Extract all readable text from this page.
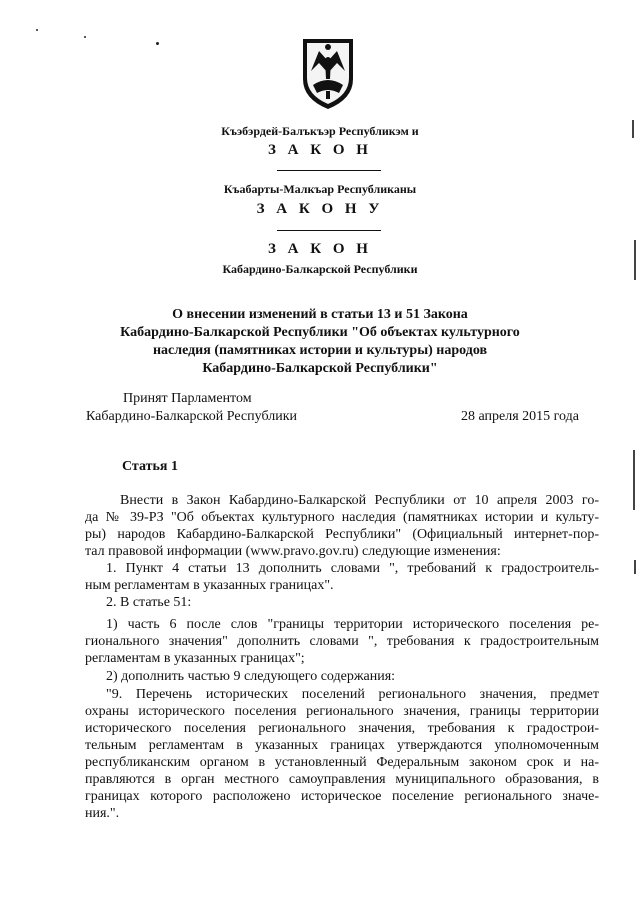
Къэбэрдей-Балъкъэр Республикэм и
З А К О Н
Къабарты-Малкъар Республиканы
З А К О Н У
З А К О Н
Кабардино-Балкарской Республики
О внесении изменений в статьи 13 и 51 Закона
Кабардино-Балкарской Республики "Об объектах культурного
наследия (памятниках истории и культуры) народов
Кабардино-Балкарской Республики"
Принят Парламентом
Кабардино-Балкарской Республики	28 апреля 2015 года
Статья 1
Внести в Закон Кабардино-Балкарской Республики от 10 апреля 2003 го-
да № 39-РЗ "Об объектах культурного наследия (памятниках истории и культу-
ры) народов Кабардино-Балкарской Республики" (Официальный интернет-пор-
тал правовой информации (www.pravo.gov.ru) следующие изменения:
1. Пункт 4 статьи 13 дополнить словами ", требований к градостроитель-
ным регламентам в указанных границах".
2. В статье 51:
1) часть 6 после слов "границы территории исторического поселения ре-
гионального значения" дополнить словами ", требования к градостроительным
регламентам в указанных границах";
2) дополнить частью 9 следующего содержания:
"9. Перечень исторических поселений регионального значения, предмет
охраны исторического поселения регионального значения, границы территории
исторического поселения регионального значения, требования к градострои-
тельным регламентам в указанных границах утверждаются уполномоченным
республиканским органом в установленный Федеральным законом срок и на-
правляются в орган местного самоуправления муниципального образования, в
границах которого расположено историческое поселение регионального значе-
ния.".
